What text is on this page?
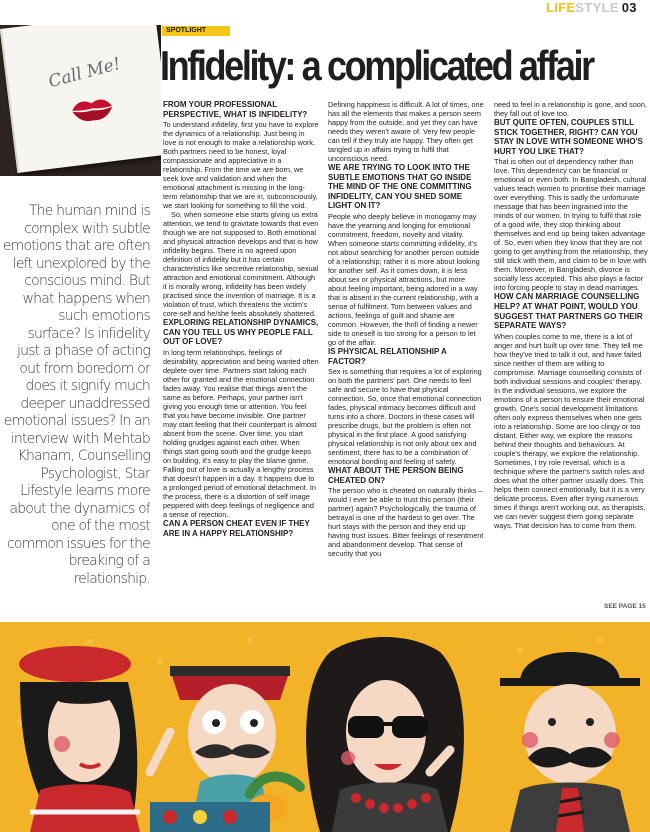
LIFESTYLE 03
Call Me!
SPOTLIGHT
Infidelity: a complicated affair
The human mind is complex with subtle emotions that are often left unexplored by the conscious mind. But what happens when such emotions surface? Is infidelity just a phase of acting out from boredom or does it signify much deeper unaddressed emotional issues? In an interview with Mehtab Khanam, Counselling Psychologist, Star Lifestyle learns more about the dynamics of one of the most common issues for the breaking of a relationship.

FROM YOUR PROFESSIONAL PERSPECTIVE, WHAT IS INFIDELITY?

To understand infidelity, first you have to explore the dynamics of a relationship. Just being in love is not enough to make a relationship work. Both partners need to be honest, loyal compassionate and appreciative in a relationship. From the time we are born, we seek love and validation and when the emotional attachment is missing in the long-term relationship that we are in, subconsciously, we start looking for something to fill the void.

So, when someone else starts giving us extra attention, we tend to gravitate towards that even though we are not supposed to. Both emotional and physical attraction develops and that is how infidelity begins. There is no agreed upon definition of infidelity but it has certain characteristics like secretive relationship, sexual attraction and emotional commitment. Although it is morally wrong, infidelity has been widely practised since the invention of marriage. It is a violation of trust, which threatens the victim's core-self and he/she feels absolutely shattered.

EXPLORING RELATIONSHIP DYNAMICS, CAN YOU TELL US WHY PEOPLE FALL OUT OF LOVE?

In long term relationships, feelings of desirability, appreciation and being wanted often deplete over time. Partners start taking each other for granted and the emotional connection fades away. You realise that things aren't the same as before. Perhaps, your partner isn't giving you enough time or attention. You feel that you have become invisible. One partner may start feeling that their counterpart is almost absent from the scene. Over time, you start holding grudges against each other. When things start going south and the grudge keeps on building, it's easy to play the blame game. Falling out of love is actually a lengthy process that doesn't happen in a day. It happens due to a prolonged period of emotional detachment. In the process, there is a distortion of self image peppered with deep feelings of negligence and a sense of rejection.

CAN A PERSON CHEAT EVEN IF THEY ARE IN A HAPPY RELATIONSHIP?

Defining happiness is difficult. A lot of times, one has all the elements that makes a person seem happy from the outside, and yet they can have needs they weren't aware of. Very few people can tell if they truly are happy. They often get tangled up in affairs trying to fulfil that unconscious need.

WE ARE TRYING TO LOOK INTO THE SUBTLE EMOTIONS THAT GO INSIDE THE MIND OF THE ONE COMMITTING INFIDELITY, CAN YOU SHED SOME LIGHT ON IT?

People who deeply believe in monogamy may have the yearning and longing for emotional commitment, freedom, novelty and vitality. When someone starts committing infidelity, it's not about searching for another person outside of a relationship; rather it is more about looking for another self. As it comes down, it is less about sex or physical attractions, but more about feeling important, being adored in a way that is absent in the current relationship, with a sense of fulfilment. Torn between values and actions, feelings of guilt and shame are common. However, the thrill of finding a newer side to oneself is too strong for a person to let go of the affair.

IS PHYSICAL RELATIONSHIP A FACTOR?

Sex is something that requires a lot of exploring on both the partners' part. One needs to feel safe and secure to have that physical connection. So, once that emotional connection fades, physical intimacy becomes difficult and turns into a chore. Doctors in these cases will prescribe drugs, but the problem is often not physical in the first place. A good satisfying physical relationship is not only about sex and sentiment, there has to be a combination of emotional bonding and feeling of safety.

WHAT ABOUT THE PERSON BEING CHEATED ON?

The person who is cheated on naturally thinks – would I ever be able to trust this person (their partner) again? Psychologically, the trauma of betrayal is one of the hardest to get over. The hurt stays with the person and they end up having trust issues. Bitter feelings of resentment and abandonment develop. That sense of security that you

need to feel in a relationship is gone, and soon, they fall out of love too.

BUT QUITE OFTEN, COUPLES STILL STICK TOGETHER, RIGHT? CAN YOU STAY IN LOVE WITH SOMEONE WHO'S HURT YOU LIKE THAT?

That is often out of dependency rather than love. This dependency can be financial or emotional or even both. In Bangladesh, cultural values teach women to prioritise their marriage over everything. This is sadly the unfortunate message that has been ingrained into the minds of our women. In trying to fulfil that role of a good wife, they stop thinking about themselves and end up being taken advantage of. So, even when they know that they are not going to get anything from the relationship, they still stick with them, and claim to be in love with them. Moreover, in Bangladesh, divorce is socially less accepted. This also plays a factor into forcing people to stay in dead marriages.

HOW CAN MARRIAGE COUNSELLING HELP? AT WHAT POINT, WOULD YOU SUGGEST THAT PARTNERS GO THEIR SEPARATE WAYS?

When couples come to me, there is a lot of anger and hurt built up over time. They tell me how they've tried to talk it out, and have failed since neither of them are willing to compromise. Marriage counselling consists of both individual sessions and couples' therapy. In the individual sessions, we explore the emotions of a person to ensure their emotional growth. One's social development limitations often only express themselves when one gets into a relationship. Some are too clingy or too distant. Either way, we explore the reasons behind their thoughts and behaviours. At couple's therapy, we explore the relationship. Sometimes, I try role reversal, which is a technique where the partner's switch roles and does what the other partner usually does. This helps them connect emotionally, but it is a very delicate process. Even after trying numerous times if things aren't working out, as therapists, we can never suggest them going separate ways. That decision has to come from them.

SEE PAGE 15
